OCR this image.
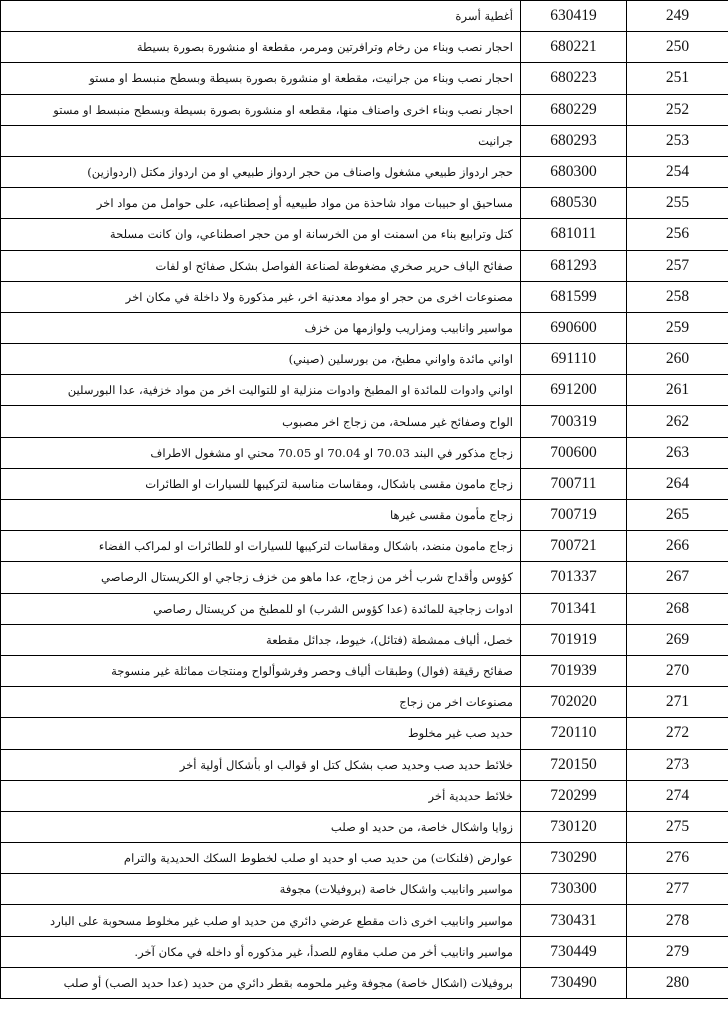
أغطية أسرة	630419	249
احجار نصب وبناء من رخام وترافرتين ومرمر، مقطعة او منشورة بصورة بسيطة	680221	250
احجار نصب وبناء من جرانيت، مقطعة او منشورة بصورة بسيطة وبسطح منبسط او مستو	680223	251
احجار نصب وبناء اخرى واصناف منها، مقطعه او منشورة بصورة بسيطة وبسطح منبسط او مستو	680229	252
جرانيت	680293	253
حجر اردواز طبيعي مشغول واصناف من حجر اردواز طبيعي او من اردواز مكتل (اردوازين)	680300	254
مساحيق او حبيبات مواد شاحذة من مواد طبيعيه أو إصطناعيه، على حوامل من مواد اخر	680530	255
كتل وترابيع بناء من اسمنت او من الخرسانة او من حجر اصطناعي، وان كانت مسلحة	681011	256
صفائح الياف حرير صخري مضغوطة لصناعة الفواصل بشكل صفائح او لفات	681293	257
مصنوعات اخرى من حجر او مواد معدنية اخر، غير مذكورة ولا داخلة في مكان اخر	681599	258
مواسير وانابيب ومزاريب ولوازمها من خزف	690600	259
اواني مائدة واواني مطبخ، من بورسلين (صيني)	691110	260
اواني وادوات للمائدة او المطبخ وادوات منزلية او للتواليت اخر من مواد خزفية، عدا البورسلين	691200	261
الواح وصفائح غير مسلحة، من زجاج اخر مصبوب	700319	262
زجاج مذكور في البند 70.03 او 70.04 او 70.05 محني او مشغول الاطراف	700600	263
زجاج مامون مقسى باشكال، ومقاسات مناسبة لتركيبها للسيارات او الطائرات	700711	264
زجاج مأمون مقسى غيرها	700719	265
زجاج مامون منضد، باشكال ومقاسات لتركيبها للسيارات او للطائرات او لمراكب الفضاء	700721	266
كؤوس وأقداح شرب أخر من زجاج، عدا ماهو من خزف زجاجي او الكريستال الرصاصي	701337	267
ادوات زجاجية للمائدة (عدا كؤوس الشرب) او للمطبخ من كريستال رصاصي	701341	268
خصل، ألياف ممشطة (فتائل)، خيوط، جدائل مقطعة	701919	269
صفائح رقيقة (فوال) وطبقات ألياف وحصر وفرشوألواح ومنتجات مماثلة غير منسوجة	701939	270
مصنوعات اخر من زجاج	702020	271
حديد صب غير مخلوط	720110	272
خلائط حديد صب وحديد صب بشكل كتل او قوالب او بأشكال أولية أخر	720150	273
خلائط حديدية أخر	720299	274
زوايا واشكال خاصة، من حديد او صلب	730120	275
عوارض (فلنكات) من حديد صب او حديد او صلب لخطوط السكك الحديدية والترام	730290	276
مواسير وانابيب واشكال خاصة (بروفيلات) مجوفة	730300	277
مواسير وانابيب اخرى ذات مقطع عرضي دائري من حديد او صلب غير مخلوط مسحوبة على البارد	730431	278
مواسير وانابيب أخر من صلب مقاوم للصدأ، غير مذكوره أو داخله في مكان آخر.	730449	279
بروفيلات (اشكال خاصة) مجوفة وغير ملحومه بقطر دائري من حديد (عدا حديد الصب) أو صلب	730490	280
